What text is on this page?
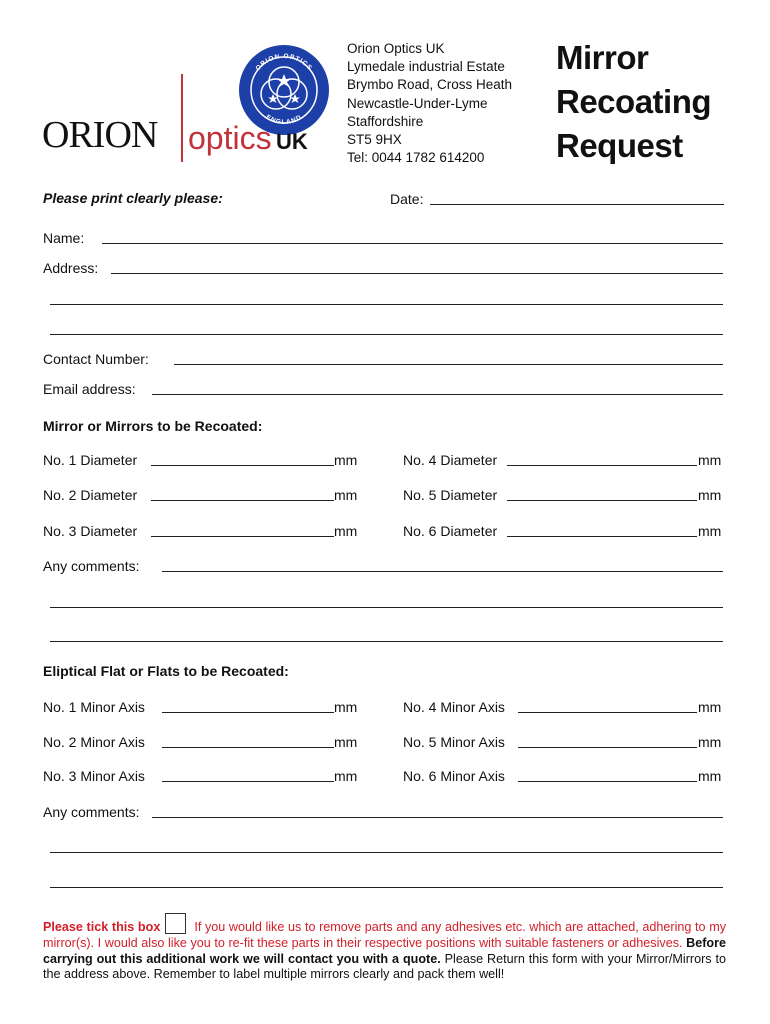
ORION OPTICS
ENGLAND
ORION optics UK
Orion Optics UK
Lymedale industrial Estate
Brymbo Road, Cross Heath
Newcastle-Under-Lyme
Staffordshire
ST5 9HX
Tel: 0044 1782 614200
Mirror
Recoating
Request
Please print clearly please:	Date:
Name:
Address:
Contact Number:
Email address:
Mirror or Mirrors to be Recoated:
No. 1 Diameter	mm
No. 2 Diameter	mm
No. 3 Diameter	mm
No. 4 Diameter	mm
No. 5 Diameter	mm
No. 6 Diameter	mm
Any comments:
Eliptical Flat or Flats to be Recoated:
No. 1 Minor Axis	mm
No. 2 Minor Axis	mm
No. 3 Minor Axis	mm
No. 4 Minor Axis	mm
No. 5 Minor Axis	mm
No. 6 Minor Axis	mm
Any comments:
Please tick this box	If you would like us to remove parts and any adhesives etc. which are attached, adhering to my mirror(s). I would also like you to re-fit these parts in their respective positions with suitable fasteners or adhesives. Before carrying out this additional work we will contact you with a quote. Please Return this form with your Mirror/Mirrors to the address above. Remember to label multiple mirrors clearly and pack them well!
